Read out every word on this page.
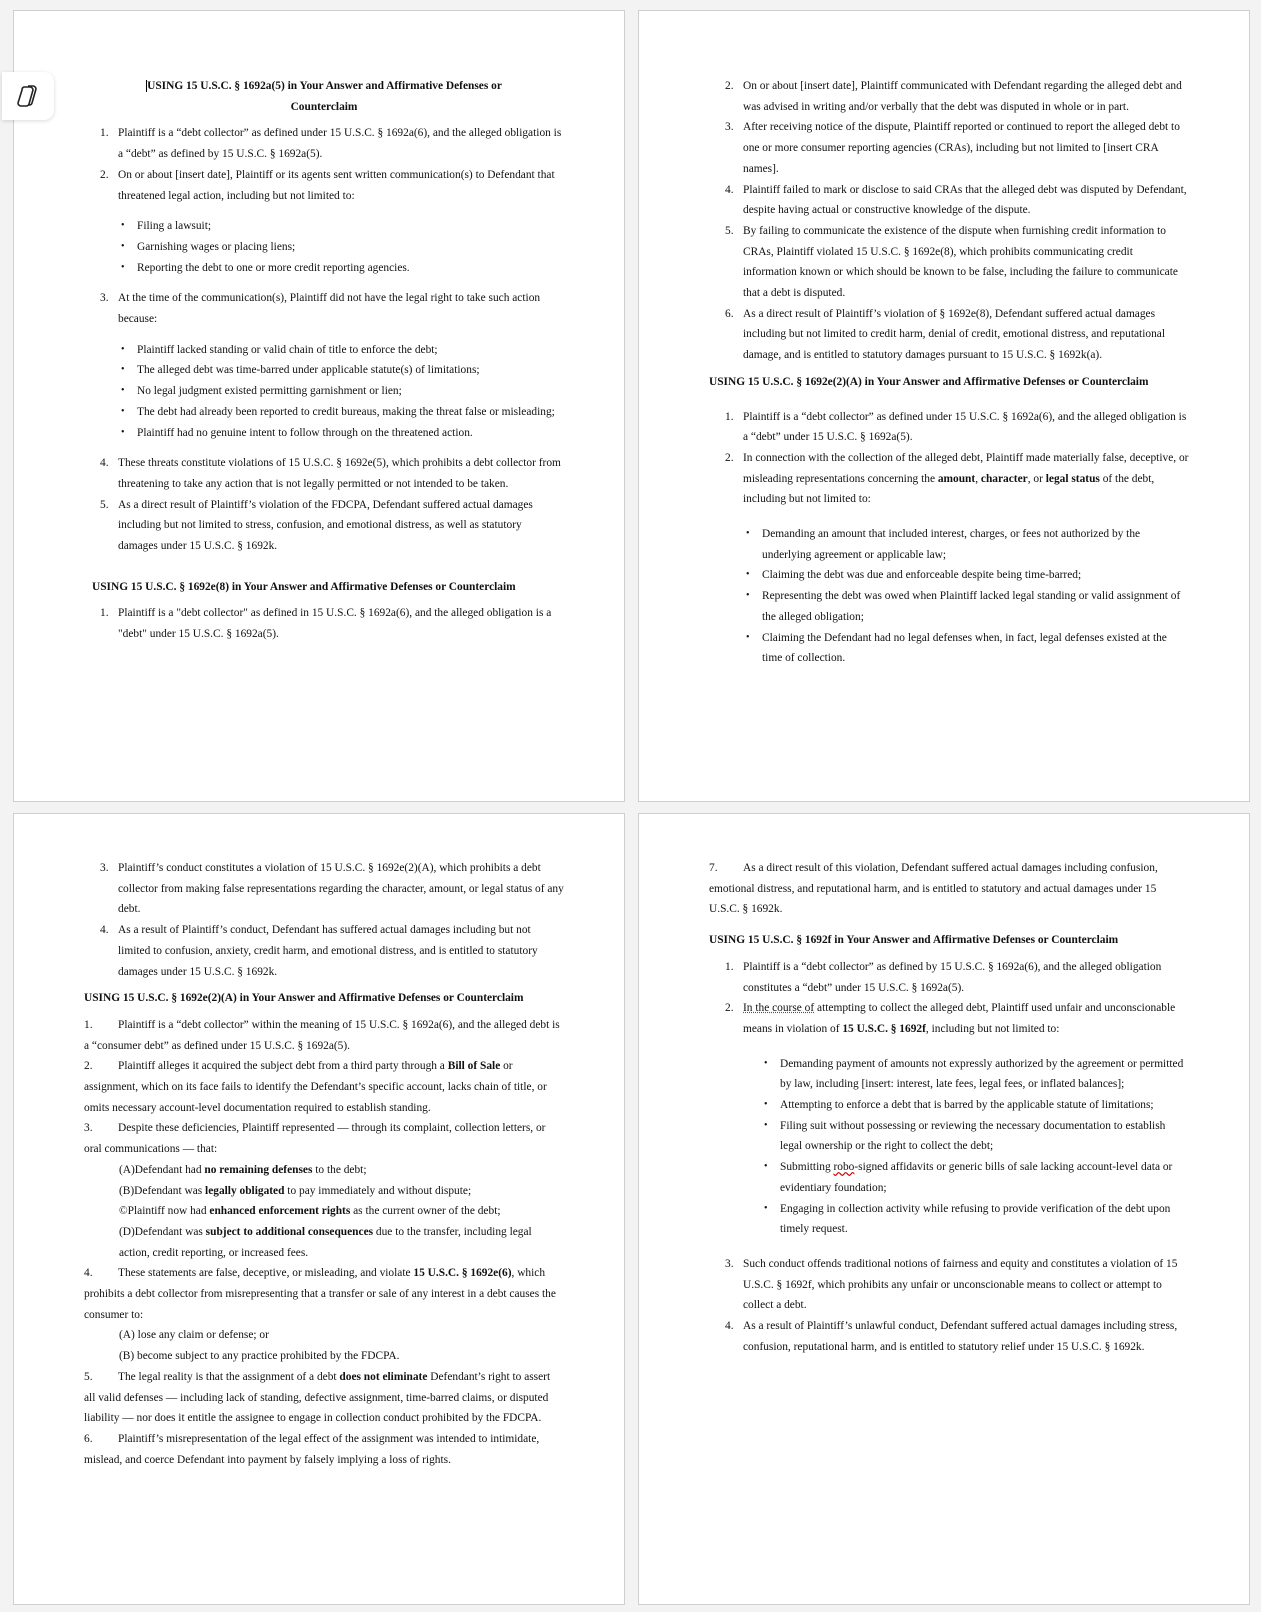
USING 15 U.S.C. § 1692a(5) in Your Answer and Affirmative Defenses or
Counterclaim

1. Plaintiff is a “debt collector” as defined under 15 U.S.C. § 1692a(6), and the alleged obligation is a “debt” as defined by 15 U.S.C. § 1692a(5).
2. On or about [insert date], Plaintiff or its agents sent written communication(s) to Defendant that threatened legal action, including but not limited to:
• Filing a lawsuit;
• Garnishing wages or placing liens;
• Reporting the debt to one or more credit reporting agencies.
3. At the time of the communication(s), Plaintiff did not have the legal right to take such action because:
• Plaintiff lacked standing or valid chain of title to enforce the debt;
• The alleged debt was time-barred under applicable statute(s) of limitations;
• No legal judgment existed permitting garnishment or lien;
• The debt had already been reported to credit bureaus, making the threat false or misleading;
• Plaintiff had no genuine intent to follow through on the threatened action.
4. These threats constitute violations of 15 U.S.C. § 1692e(5), which prohibits a debt collector from threatening to take any action that is not legally permitted or not intended to be taken.
5. As a direct result of Plaintiff’s violation of the FDCPA, Defendant suffered actual damages including but not limited to stress, confusion, and emotional distress, as well as statutory damages under 15 U.S.C. § 1692k.

USING 15 U.S.C. § 1692e(8) in Your Answer and Affirmative Defenses or Counterclaim

1. Plaintiff is a "debt collector" as defined in 15 U.S.C. § 1692a(6), and the alleged obligation is a "debt" under 15 U.S.C. § 1692a(5).
2. On or about [insert date], Plaintiff communicated with Defendant regarding the alleged debt and was advised in writing and/or verbally that the debt was disputed in whole or in part.
3. After receiving notice of the dispute, Plaintiff reported or continued to report the alleged debt to one or more consumer reporting agencies (CRAs), including but not limited to [insert CRA names].
4. Plaintiff failed to mark or disclose to said CRAs that the alleged debt was disputed by Defendant, despite having actual or constructive knowledge of the dispute.
5. By failing to communicate the existence of the dispute when furnishing credit information to CRAs, Plaintiff violated 15 U.S.C. § 1692e(8), which prohibits communicating credit information known or which should be known to be false, including the failure to communicate that a debt is disputed.
6. As a direct result of Plaintiff’s violation of § 1692e(8), Defendant suffered actual damages including but not limited to credit harm, denial of credit, emotional distress, and reputational damage, and is entitled to statutory damages pursuant to 15 U.S.C. § 1692k(a).

USING 15 U.S.C. § 1692e(2)(A) in Your Answer and Affirmative Defenses or Counterclaim

1. Plaintiff is a “debt collector” as defined under 15 U.S.C. § 1692a(6), and the alleged obligation is a “debt” under 15 U.S.C. § 1692a(5).
2. In connection with the collection of the alleged debt, Plaintiff made materially false, deceptive, or misleading representations concerning the amount, character, or legal status of the debt, including but not limited to:
• Demanding an amount that included interest, charges, or fees not authorized by the underlying agreement or applicable law;
• Claiming the debt was due and enforceable despite being time-barred;
• Representing the debt was owed when Plaintiff lacked legal standing or valid assignment of the alleged obligation;
• Claiming the Defendant had no legal defenses when, in fact, legal defenses existed at the time of collection.
3. Plaintiff’s conduct constitutes a violation of 15 U.S.C. § 1692e(2)(A), which prohibits a debt collector from making false representations regarding the character, amount, or legal status of any debt.
4. As a result of Plaintiff’s conduct, Defendant has suffered actual damages including but not limited to confusion, anxiety, credit harm, and emotional distress, and is entitled to statutory damages under 15 U.S.C. § 1692k.

USING 15 U.S.C. § 1692e(2)(A) in Your Answer and Affirmative Defenses or Counterclaim

1. Plaintiff is a “debt collector” within the meaning of 15 U.S.C. § 1692a(6), and the alleged debt is a “consumer debt” as defined under 15 U.S.C. § 1692a(5).

2. Plaintiff alleges it acquired the subject debt from a third party through a Bill of Sale or assignment, which on its face fails to identify the Defendant’s specific account, lacks chain of title, or omits necessary account-level documentation required to establish standing.

3. Despite these deficiencies, Plaintiff represented — through its complaint, collection letters, or oral communications — that:

(A)Defendant had no remaining defenses to the debt;

(B)Defendant was legally obligated to pay immediately and without dispute;

©Plaintiff now had enhanced enforcement rights as the current owner of the debt;

(D)Defendant was subject to additional consequences due to the transfer, including legal action, credit reporting, or increased fees.

4. These statements are false, deceptive, or misleading, and violate 15 U.S.C. § 1692e(6), which prohibits a debt collector from misrepresenting that a transfer or sale of any interest in a debt causes the consumer to:

(A) lose any claim or defense; or

(B) become subject to any practice prohibited by the FDCPA.

5. The legal reality is that the assignment of a debt does not eliminate Defendant’s right to assert all valid defenses — including lack of standing, defective assignment, time-barred claims, or disputed liability — nor does it entitle the assignee to engage in collection conduct prohibited by the FDCPA.

6. Plaintiff’s misrepresentation of the legal effect of the assignment was intended to intimidate, mislead, and coerce Defendant into payment by falsely implying a loss of rights.

7. As a direct result of this violation, Defendant suffered actual damages including confusion, emotional distress, and reputational harm, and is entitled to statutory and actual damages under 15 U.S.C. § 1692k.

USING 15 U.S.C. § 1692f in Your Answer and Affirmative Defenses or Counterclaim

1. Plaintiff is a “debt collector” as defined by 15 U.S.C. § 1692a(6), and the alleged obligation constitutes a “debt” under 15 U.S.C. § 1692a(5).
2. In the course of attempting to collect the alleged debt, Plaintiff used unfair and unconscionable means in violation of 15 U.S.C. § 1692f, including but not limited to:
• Demanding payment of amounts not expressly authorized by the agreement or permitted by law, including [insert: interest, late fees, legal fees, or inflated balances];
• Attempting to enforce a debt that is barred by the applicable statute of limitations;
• Filing suit without possessing or reviewing the necessary documentation to establish legal ownership or the right to collect the debt;
• Submitting robo-signed affidavits or generic bills of sale lacking account-level data or evidentiary foundation;
• Engaging in collection activity while refusing to provide verification of the debt upon timely request.
3. Such conduct offends traditional notions of fairness and equity and constitutes a violation of 15 U.S.C. § 1692f, which prohibits any unfair or unconscionable means to collect or attempt to collect a debt.
4. As a result of Plaintiff’s unlawful conduct, Defendant suffered actual damages including stress, confusion, reputational harm, and is entitled to statutory relief under 15 U.S.C. § 1692k.
